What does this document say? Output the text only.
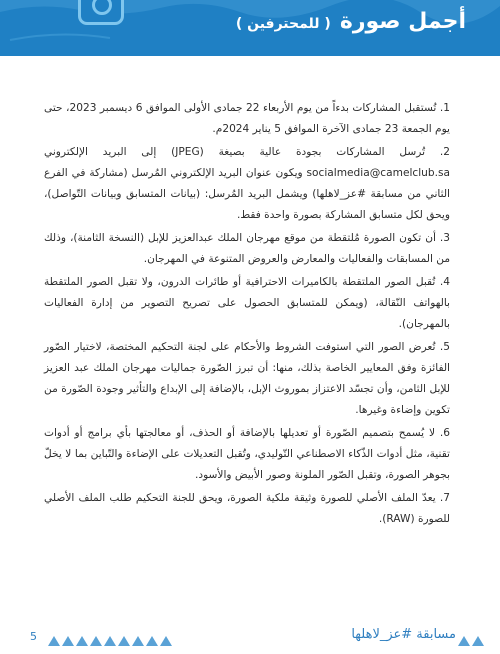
أجمل صورة ( للمحترفين )

1. تُستقبل المشاركات بدءاً من يوم الأربعاء 22 جمادى الأولى الموافق 6 ديسمبر 2023، حتى يوم الجمعة 23 جمادى الآخرة الموافق 5 يناير 2024م.

2. تُرسل المشاركات بجودة عالية بصيغة (JPEG) إلى البريد الإلكتروني socialmedia@camelclub.sa ويكون عنوان البريد الإلكتروني المُرسل (مشاركة في الفرع الثاني من مسابقة #عز_لاهلها) ويشمل البريد المُرسل: (بيانات المتسابق وبيانات التّواصل)، ويحق لكل متسابق المشاركة بصورة واحدة فقط.

3. أن تكون الصورة مُلتقطة من موقع مهرجان الملك عبدالعزيز للإبل (النسخة الثامنة)، وذلك من المسابقات والفعاليات والمعارض والعروض المتنوعة في المهرجان.

4. تُقبل الصور الملتقطة بالكاميرات الاحترافية أو طائرات الدرون، ولا تقبل الصور الملتقطة بالهواتف النّقالة، (ويمكن للمتسابق الحصول على تصريح التصوير من إدارة الفعاليات بالمهرجان).

5. تُعرض الصور التي استوفت الشروط والأحكام على لجنة التحكيم المختصة، لاختيار الصّور الفائزة وفق المعايير الخاصة بذلك، منها: أن تبرز الصّورة جماليات مهرجان الملك عبد العزيز للإبل الثامن، وأن تجسّد الاعتزاز بموروث الإبل، بالإضافة إلى الإبداع والتأثير وجودة الصّورة من تكوين وإضاءة وغيرها.

6. لا يُسمح بتصميم الصّورة أو تعديلها بالإضافة أو الحذف، أو معالجتها بأي برامج أو أدوات تقنية، مثل أدوات الذّكاء الاصطناعي التّوليدي، وتُقبل التعديلات على الإضاءة والتّباين بما لا يخلّ بجوهر الصورة، وتقبل الصّور الملونة وصور الأبيض والأسود.

7. يعدّ الملف الأصلي للصورة وثيقة ملكية الصورة، ويحق للجنة التحكيم طلب الملف الأصلي للصورة (RAW).

5	مسابقة #عز_لاهلها
